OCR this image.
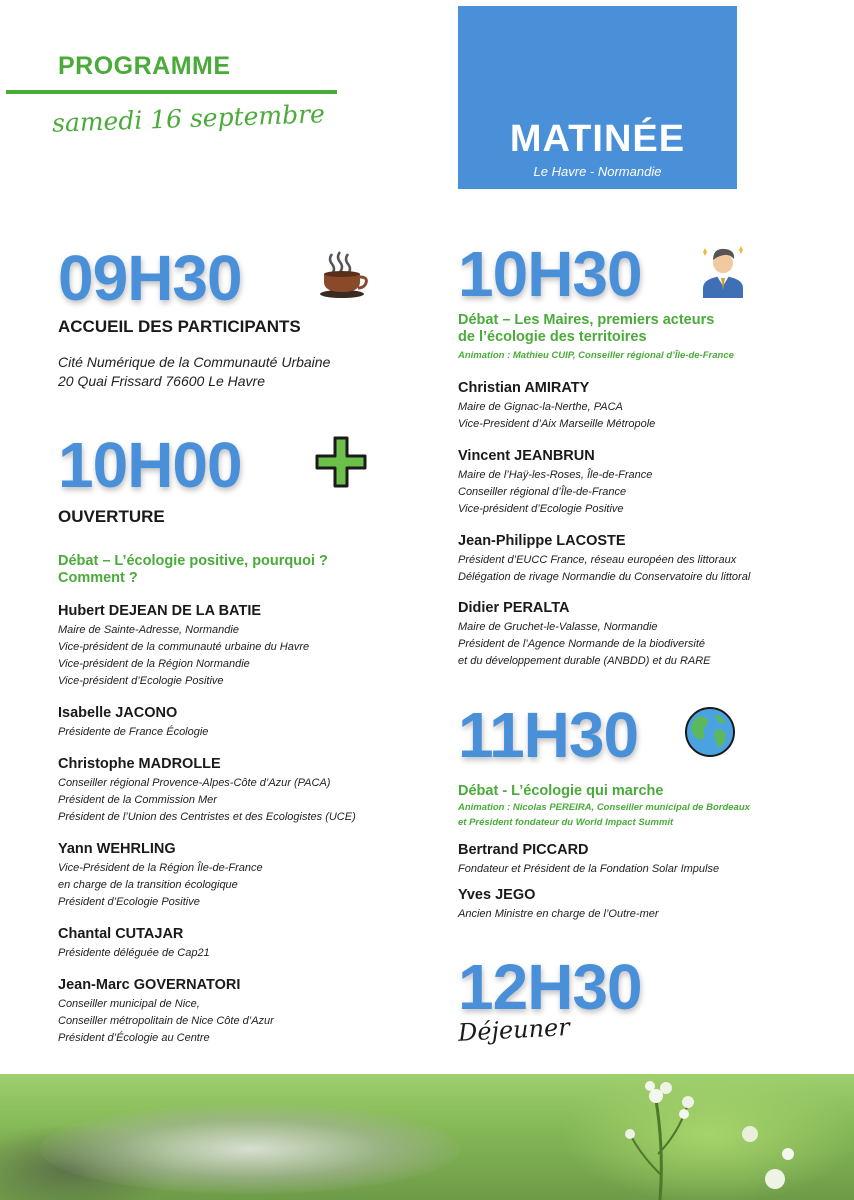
PROGRAMME
samedi 16 septembre	MATINÉE
Le Havre - Normandie
09H30
ACCUEIL DES PARTICIPANTS
Cité Numérique de la Communauté Urbaine
20 Quai Frissard 76600 Le Havre
10H00
OUVERTURE
Débat – L’écologie positive, pourquoi ?
Comment ?
Hubert DEJEAN DE LA BATIE
Maire de Sainte-Adresse, Normandie
Vice-président de la communauté urbaine du Havre
Vice-président de la Région Normandie
Vice-président d’Ecologie Positive
Isabelle JACONO
Présidente de France Écologie
Christophe MADROLLE
Conseiller régional Provence-Alpes-Côte d’Azur (PACA)
Président de la Commission Mer
Président de l’Union des Centristes et des Ecologistes (UCE)
Yann WEHRLING
Vice-Président de la Région Île-de-France
en charge de la transition écologique
Président d’Ecologie Positive
Chantal CUTAJAR
Présidente déléguée de Cap21
Jean-Marc GOVERNATORI
Conseiller municipal de Nice,
Conseiller métropolitain de Nice Côte d’Azur
Président d’Écologie au Centre
10H30
Débat – Les Maires, premiers acteurs
de l’écologie des territoires
Animation : Mathieu CUIP, Conseiller régional d’Île-de-France
Christian AMIRATY
Maire de Gignac-la-Nerthe, PACA
Vice-President d’Aix Marseille Métropole
Vincent JEANBRUN
Maire de l’Haÿ-les-Roses, Île-de-France
Conseiller régional d’Île-de-France
Vice-président d’Ecologie Positive
Jean-Philippe LACOSTE
Président d’EUCC France, réseau européen des littoraux
Délégation de rivage Normandie du Conservatoire du littoral
Didier PERALTA
Maire de Gruchet-le-Valasse, Normandie
Président de l’Agence Normande de la biodiversité
et du développement durable (ANBDD) et du RARE
11H30
Débat - L’écologie qui marche
Animation : Nicolas PEREIRA, Conseiller municipal de Bordeaux
et Président fondateur du World Impact Summit
Bertrand PICCARD
Fondateur et Président de la Fondation Solar Impulse
Yves JEGO
Ancien Ministre en charge de l’Outre-mer
12H30
Déjeuner
